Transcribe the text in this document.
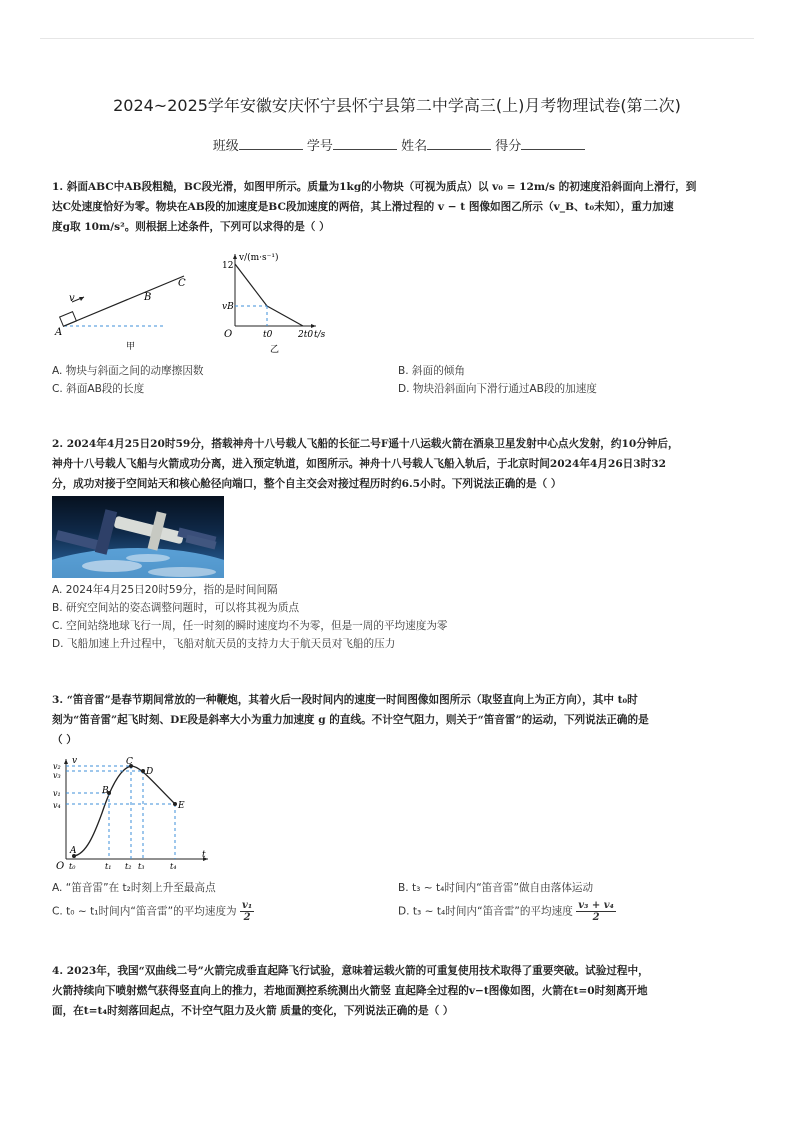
2024~2025学年安徽安庆怀宁县怀宁县第二中学高三(上)月考物理试卷(第二次)
班级	学号	姓名	得分
1. 斜面ABC中AB段粗糙，BC段光滑，如图甲所示。质量为1kg的小物块（可视为质点）以 v₀ = 12m/s 的初速度沿斜面向上滑行，到
达C处速度恰好为零。物块在AB段的加速度是BC段加速度的两倍，其上滑过程的 v − t 图像如图乙所示（v_B、t₀未知），重力加速
度g取 10m/s²。则根据上述条件，下列可以求得的是（ ）
v
A
B
C
甲
v/(m·s⁻¹)
12
vB
O	t0	2t0 t/s
乙
A. 物块与斜面之间的动摩擦因数	B. 斜面的倾角
C. 斜面AB段的长度	D. 物块沿斜面向下滑行通过AB段的加速度
2. 2024年4月25日20时59分，搭载神舟十八号载人飞船的长征二号F遥十八运载火箭在酒泉卫星发射中心点火发射，约10分钟后，
神舟十八号载人飞船与火箭成功分离，进入预定轨道，如图所示。神舟十八号载人飞船入轨后，于北京时间2024年4月26日3时32
分，成功对接于空间站天和核心舱径向端口，整个自主交会对接过程历时约6.5小时。下列说法正确的是（ ）
A. 2024年4月25日20时59分，指的是时间间隔
B. 研究空间站的姿态调整问题时，可以将其视为质点
C. 空间站绕地球飞行一周，任一时刻的瞬时速度均不为零，但是一周的平均速度为零
D. 飞船加速上升过程中，飞船对航天员的支持力大于航天员对飞船的压力
3. “笛音雷”是春节期间常放的一种鞭炮，其着火后一段时间内的速度一时间图像如图所示（取竖直向上为正方向），其中 t₀时
刻为“笛音雷”起飞时刻、DE段是斜率大小为重力加速度 g 的直线。不计空气阻力，则关于“笛音雷”的运动，下列说法正确的是
（ ）
v
t
O
v₂
v₃
v₁
v₄
t₀	t₁ t₂ t₃	t₄
A
B
C
D
E
A. “笛音雷”在 t₂时刻上升至最高点	B. t₃ ~ t₄时间内“笛音雷”做自由落体运动
C. t₀ ~ t₁时间内“笛音雷”的平均速度为 $\frac{\text{v₁}}{2}$	D. t₃ ~ t₄时间内“笛音雷”的平均速度 $\frac{\text{v₃ + v₄}}{2}$
4. 2023年，我国“双曲线二号”火箭完成垂直起降飞行试验，意味着运载火箭的可重复使用技术取得了重要突破。试验过程中，
火箭持续向下喷射燃气获得竖直向上的推力，若地面测控系统测出火箭竖 直起降全过程的v−t图像如图，火箭在t=0时刻离开地
面，在t=t₄时刻落回起点，不计空气阻力及火箭 质量的变化，下列说法正确的是（ ）
